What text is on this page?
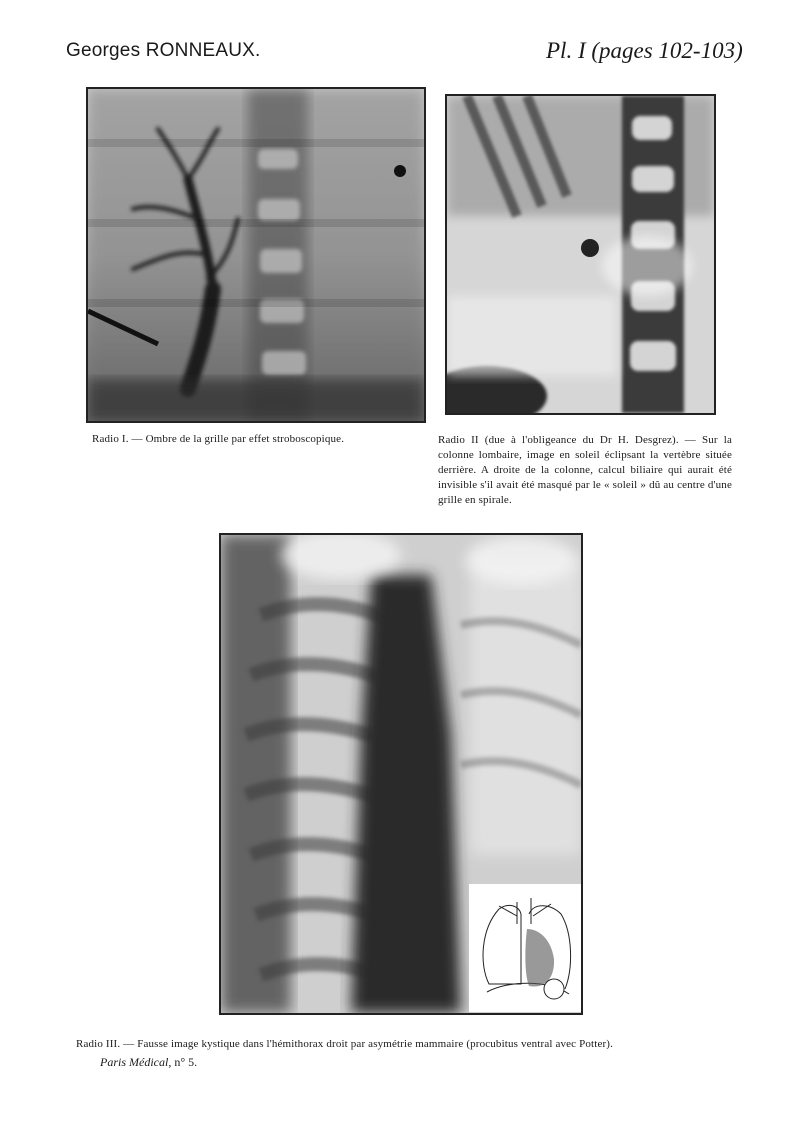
Georges RONNEAUX.	Pl. I (pages 102-103)
Radio I. — Ombre de la grille par effet stroboscopique.	Radio II (due à l'obligeance du Dr H. Desgrez). — Sur la colonne lombaire, image en soleil éclipsant la vertèbre située derrière. A droite de la colonne, calcul biliaire qui aurait été invisible s'il avait été masqué par le « soleil » dû au centre d'une grille en spirale.
Radio III. — Fausse image kystique dans l'hémithorax droit par asymétrie mammaire (procubitus ventral avec Potter).
Paris Médical, n° 5.
